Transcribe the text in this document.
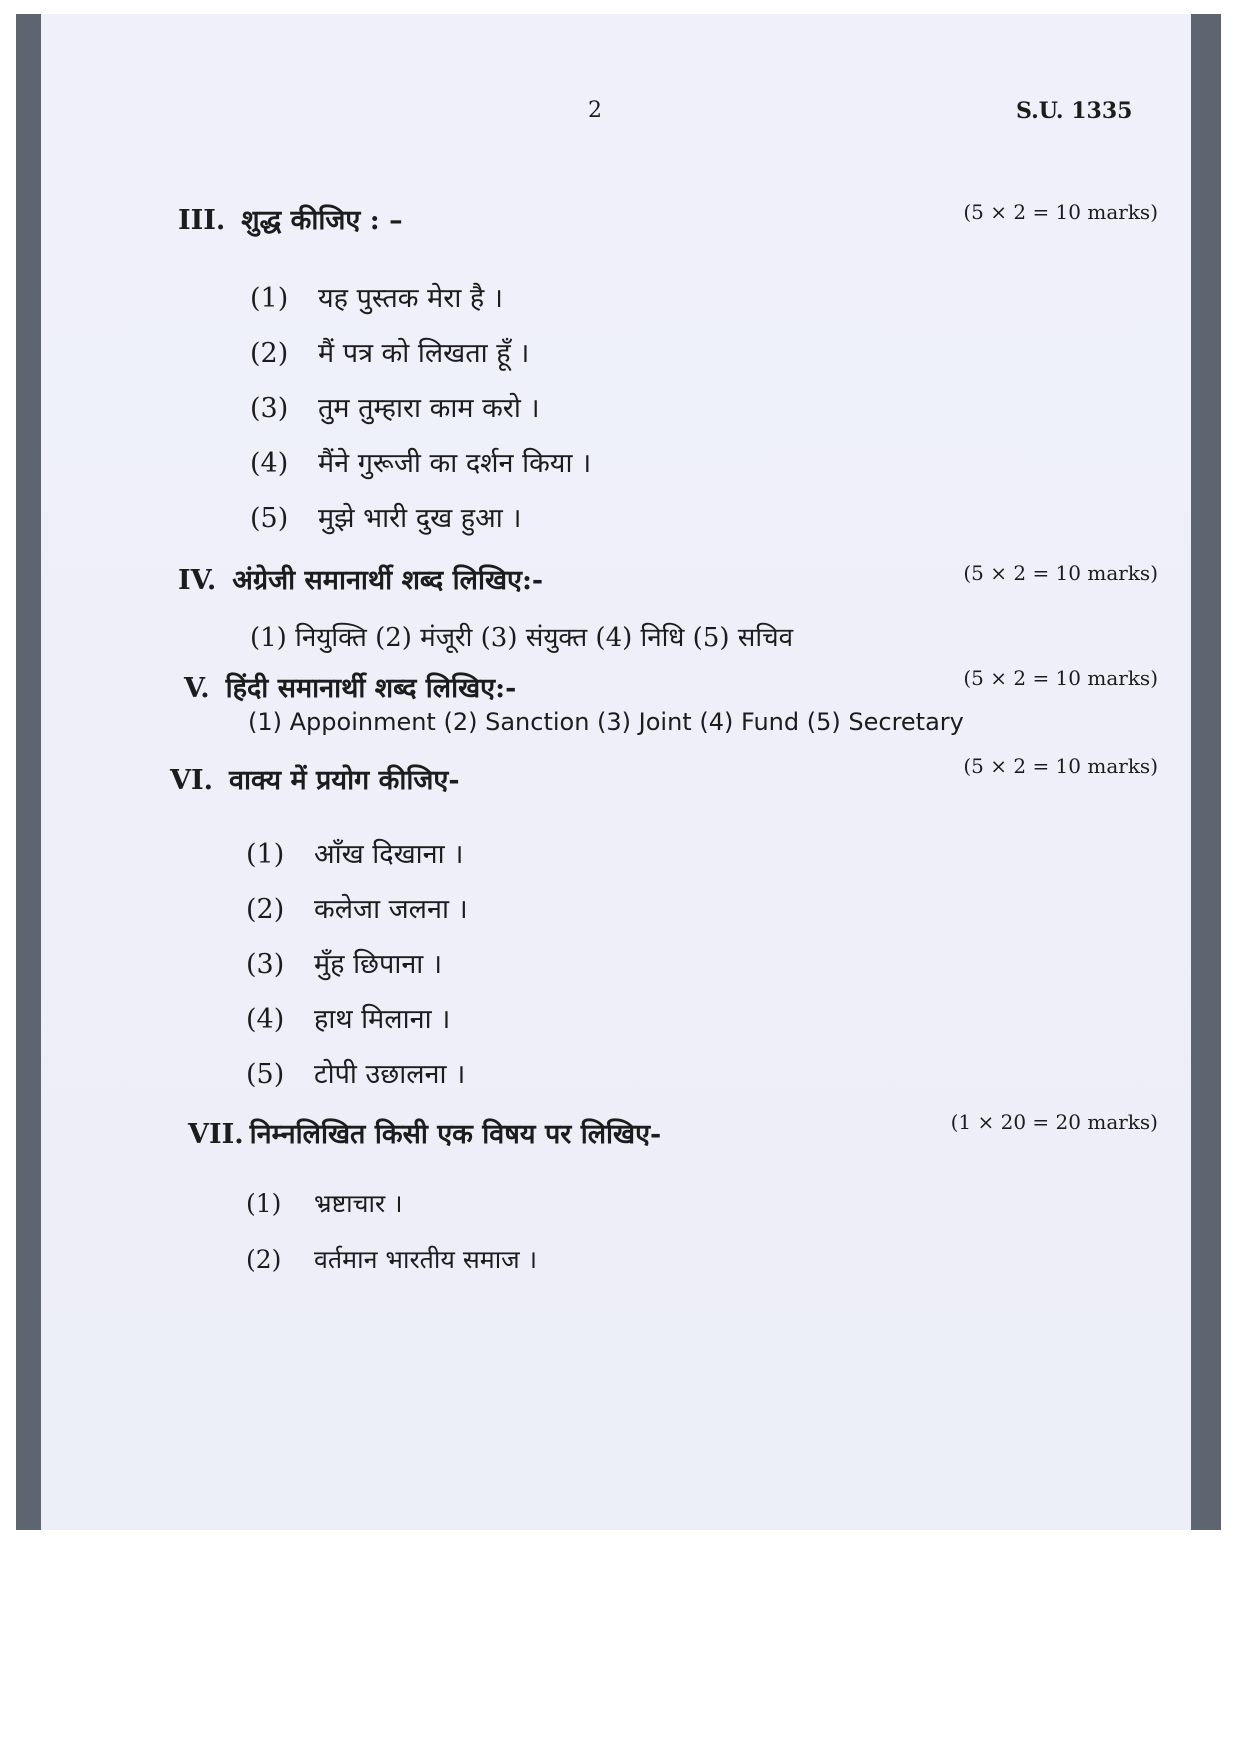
2	S.U. 1335
III. शुद्ध कीजिए : –	(5 × 2 = 10 marks)
(1) यह पुस्तक मेरा है ।
(2) मैं पत्र को लिखता हूँ ।
(3) तुम तुम्हारा काम करो ।
(4) मैंने गुरूजी का दर्शन किया ।
(5) मुझे भारी दुख हुआ ।
IV. अंग्रेजी समानार्थी शब्द लिखिए:-	(5 × 2 = 10 marks)
(1) नियुक्ति (2) मंजूरी (3) संयुक्त (4) निधि (5) सचिव
V. हिंदी समानार्थी शब्द लिखिए:-	(5 × 2 = 10 marks)
(1) Appoinment (2) Sanction (3) Joint (4) Fund (5) Secretary
VI. वाक्य में प्रयोग कीजिए-	(5 × 2 = 10 marks)
(1) आँख दिखाना ।
(2) कलेजा जलना ।
(3) मुँह छिपाना ।
(4) हाथ मिलाना ।
(5) टोपी उछालना ।
VII. निम्नलिखित किसी एक विषय पर लिखिए-	(1 × 20 = 20 marks)
(1) भ्रष्टाचार ।
(2) वर्तमान भारतीय समाज ।
